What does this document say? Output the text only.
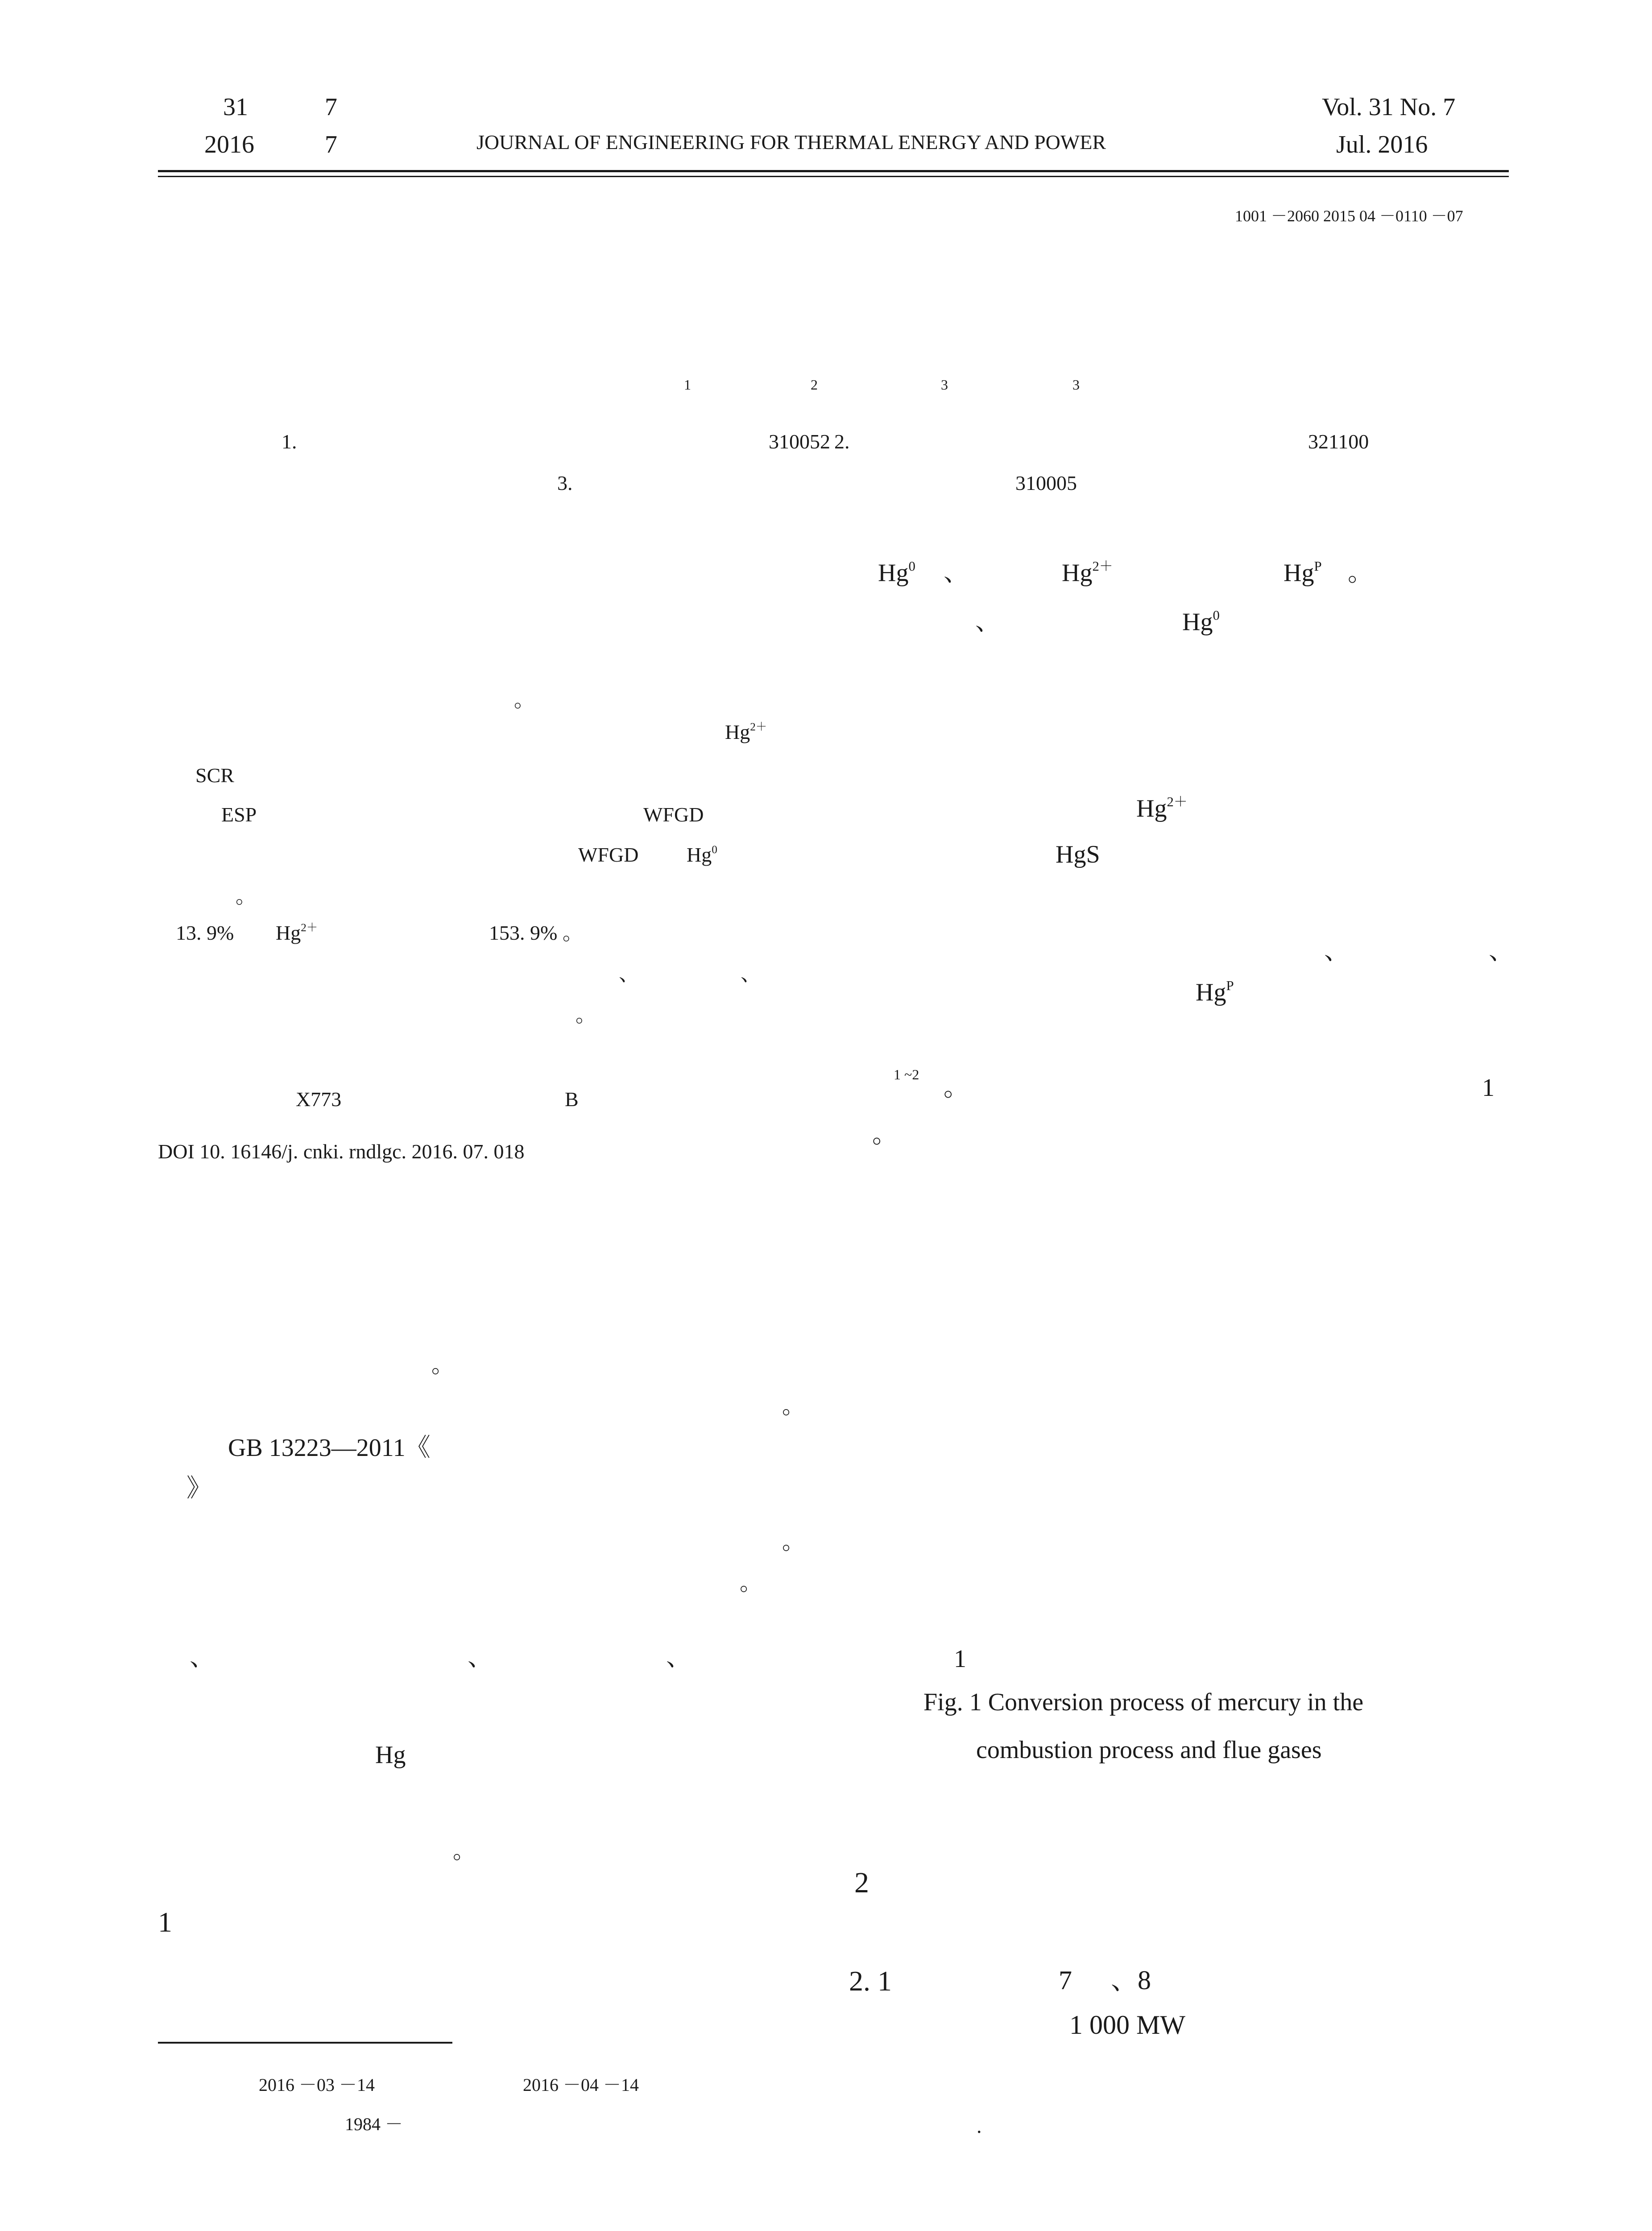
31	7
2016	7	JOURNAL OF ENGINEERING FOR THERMAL ENERGY AND POWER
Vol. 31 No. 7
Jul. 2016
1001 －2060 2015 04 －0110 －07
1	2	3	3
1.	310052 2.	321100
3.	310005
。
$Hg^{2+}$
SCR
ESP	WFGD
WFGD Hg$^0$
。
13. 9% $Hg^{2+}$	153. 9% 。
、	、
。
X773	B
DOI 10. 16146/j. cnki. rndlgc. 2016. 07. 018
。
GB 13223—2011《
》
、	、	、
Hg
。
1
2016 －03 －14	2016 －04 －14
1984 －
$Hg^0$ 、	$Hg^{2+}$	$Hg^P$ 。
、	Hg$^0$
$Hg^{2+}$
HgS
、	、
$Hg^P$
1 ~2 。	1
。
。
。
。
1
Fig. 1 Conversion process of mercury in the
combustion process and flue gases
2
2. 1	7 、8
1 000 MW
.
